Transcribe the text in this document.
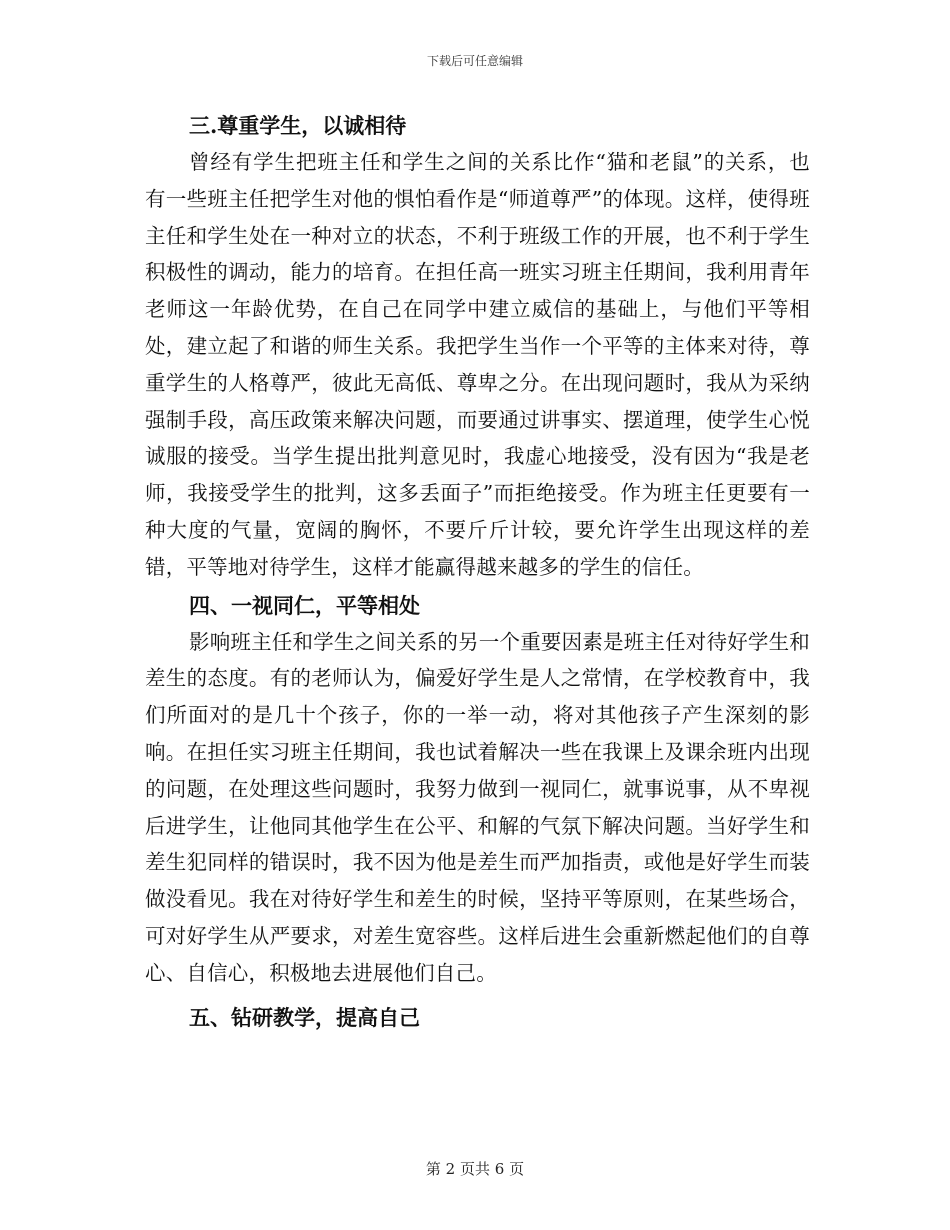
下载后可任意编辑

三.尊重学生，以诚相待

曾经有学生把班主任和学生之间的关系比作“猫和老鼠”的关系，也有一些班主任把学生对他的惧怕看作是“师道尊严”的体现。这样，使得班主任和学生处在一种对立的状态，不利于班级工作的开展，也不利于学生积极性的调动，能力的培育。在担任高一班实习班主任期间，我利用青年老师这一年龄优势，在自己在同学中建立威信的基础上，与他们平等相处，建立起了和谐的师生关系。我把学生当作一个平等的主体来对待，尊重学生的人格尊严，彼此无高低、尊卑之分。在出现问题时，我从为采纳强制手段，高压政策来解决问题，而要通过讲事实、摆道理，使学生心悦诚服的接受。当学生提出批判意见时，我虚心地接受，没有因为“我是老师，我接受学生的批判，这多丢面子”而拒绝接受。作为班主任更要有一种大度的气量，宽阔的胸怀，不要斤斤计较，要允许学生出现这样的差错，平等地对待学生，这样才能赢得越来越多的学生的信任。

四、一视同仁，平等相处

影响班主任和学生之间关系的另一个重要因素是班主任对待好学生和差生的态度。有的老师认为，偏爱好学生是人之常情，在学校教育中，我们所面对的是几十个孩子，你的一举一动，将对其他孩子产生深刻的影响。在担任实习班主任期间，我也试着解决一些在我课上及课余班内出现的问题，在处理这些问题时，我努力做到一视同仁，就事说事，从不卑视后进学生，让他同其他学生在公平、和解的气氛下解决问题。当好学生和差生犯同样的错误时，我不因为他是差生而严加指责，或他是好学生而装做没看见。我在对待好学生和差生的时候，坚持平等原则，在某些场合，可对好学生从严要求，对差生宽容些。这样后进生会重新燃起他们的自尊心、自信心，积极地去进展他们自己。

五、钻研教学，提高自己

第 2 页共 6 页
